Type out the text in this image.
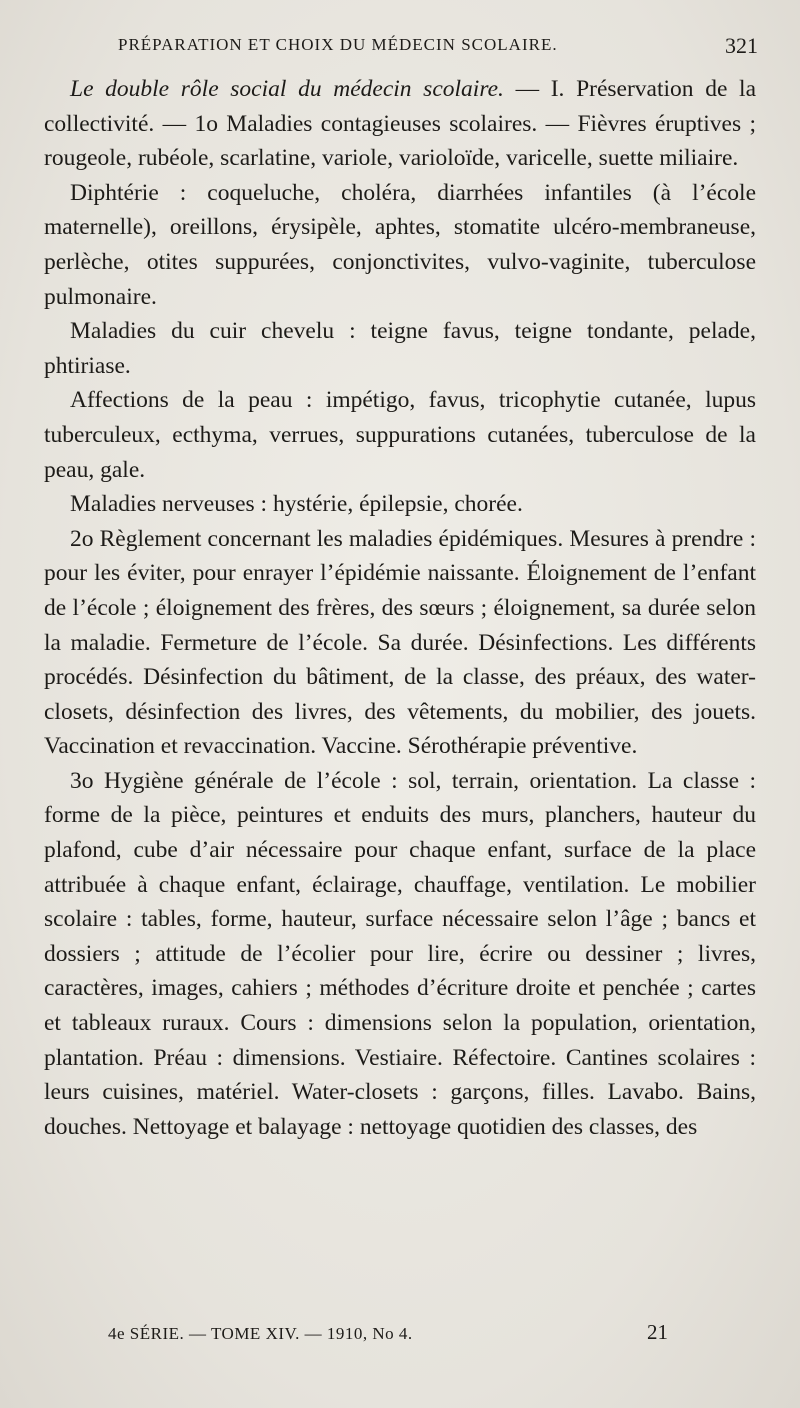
PRÉPARATION ET CHOIX DU MÉDECIN SCOLAIRE.	321

Le double rôle social du médecin scolaire. — I. Préservation de la collectivité. — 1o Maladies contagieuses scolaires. — Fièvres éruptives ; rougeole, rubéole, scarlatine, variole, varioloïde, varicelle, suette miliaire.

Diphtérie : coqueluche, choléra, diarrhées infantiles (à l’école maternelle), oreillons, érysipèle, aphtes, stomatite ulcéro-membraneuse, perlèche, otites suppurées, conjonctivites, vulvo-vaginite, tuberculose pulmonaire.

Maladies du cuir chevelu : teigne favus, teigne tondante, pelade, phtiriase.

Affections de la peau : impétigo, favus, tricophytie cutanée, lupus tuberculeux, ecthyma, verrues, suppurations cutanées, tuberculose de la peau, gale.

Maladies nerveuses : hystérie, épilepsie, chorée.

2o Règlement concernant les maladies épidémiques. Mesures à prendre : pour les éviter, pour enrayer l’épidémie naissante. Éloignement de l’enfant de l’école ; éloignement des frères, des sœurs ; éloignement, sa durée selon la maladie. Fermeture de l’école. Sa durée. Désinfections. Les différents procédés. Désinfection du bâtiment, de la classe, des préaux, des water-closets, désinfection des livres, des vêtements, du mobilier, des jouets. Vaccination et revaccination. Vaccine. Sérothérapie préventive.

3o Hygiène générale de l’école : sol, terrain, orientation. La classe : forme de la pièce, peintures et enduits des murs, planchers, hauteur du plafond, cube d’air nécessaire pour chaque enfant, surface de la place attribuée à chaque enfant, éclairage, chauffage, ventilation. Le mobilier scolaire : tables, forme, hauteur, surface nécessaire selon l’âge ; bancs et dossiers ; attitude de l’écolier pour lire, écrire ou dessiner ; livres, caractères, images, cahiers ; méthodes d’écriture droite et penchée ; cartes et tableaux ruraux. Cours : dimensions selon la population, orientation, plantation. Préau : dimensions. Vestiaire. Réfectoire. Cantines scolaires : leurs cuisines, matériel. Water-closets : garçons, filles. Lavabo. Bains, douches. Nettoyage et balayage : nettoyage quotidien des classes, des

4e SÉRIE. — TOME XIV. — 1910, No 4.	21
